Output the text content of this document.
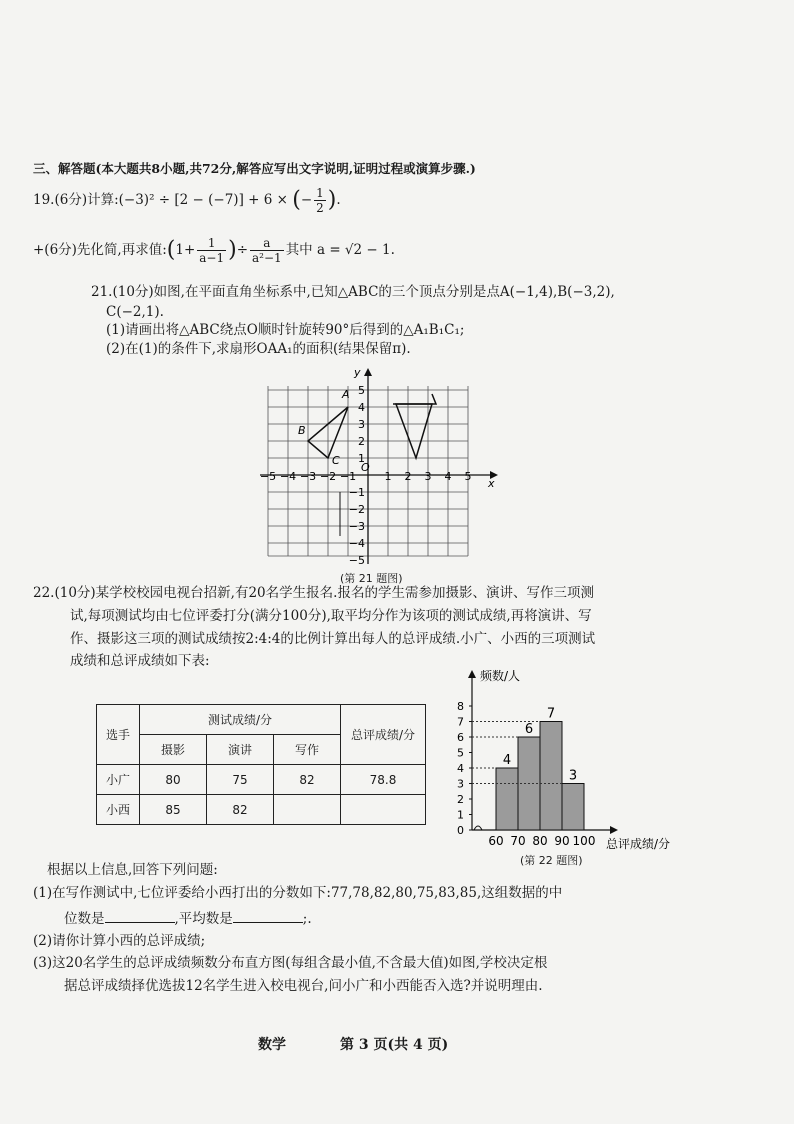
三、解答题(本大题共8小题,共72分,解答应写出文字说明,证明过程或演算步骤.)
19.(6分)计算:(−3)² ÷ [2 − (−7)] + 6 × (− $\frac{1}{2}$ ).
+(6分)先化简,再求值:(1+ $\frac{1}{a-1}$ )÷ $\frac{a}{\text{a²−1}}$ 其中 a = √2 − 1.
21.(10分)如图,在平面直角坐标系中,已知△ABC的三个顶点分别是点A(−1,4),B(−3,2),
C(−2,1).
(1)请画出将△ABC绕点O顺时针旋转90°后得到的△A₁B₁C₁;
(2)在(1)的条件下,求扇形OAA₁的面积(结果保留π).
x
y
O
−5 −4 −3 −2 −1	1 2 3 4 5
5
4
3
2
1
−1
−2
−3
−4
−5
A
B
C
(第 21 题图)
22.(10分)某学校校园电视台招新,有20名学生报名.报名的学生需参加摄影、演讲、写作三项测
试,每项测试均由七位评委打分(满分100分),取平均分作为该项的测试成绩,再将演讲、写
作、摄影这三项的测试成绩按2:4:4的比例计算出每人的总评成绩.小广、小西的三项测试
成绩和总评成绩如下表:
选手	测试成绩/分			总评成绩/分
	摄影	演讲	写作	
小广	80	75	82	78.8
小西	85	82		
频数/人
总评成绩/分
0
1
2
3
4
5
6
7
8
4
6
7
3
60 70 80 90 100
(第 22 题图)
根据以上信息,回答下列问题:
(1)在写作测试中,七位评委给小西打出的分数如下:77,78,82,80,75,83,85,这组数据的中
位数是	,平均数是	;.
(2)请你计算小西的总评成绩;
(3)这20名学生的总评成绩频数分布直方图(每组含最小值,不含最大值)如图,学校决定根
据总评成绩择优选拔12名学生进入校电视台,问小广和小西能否入选?并说明理由.
数学	第 3 页(共 4 页)
